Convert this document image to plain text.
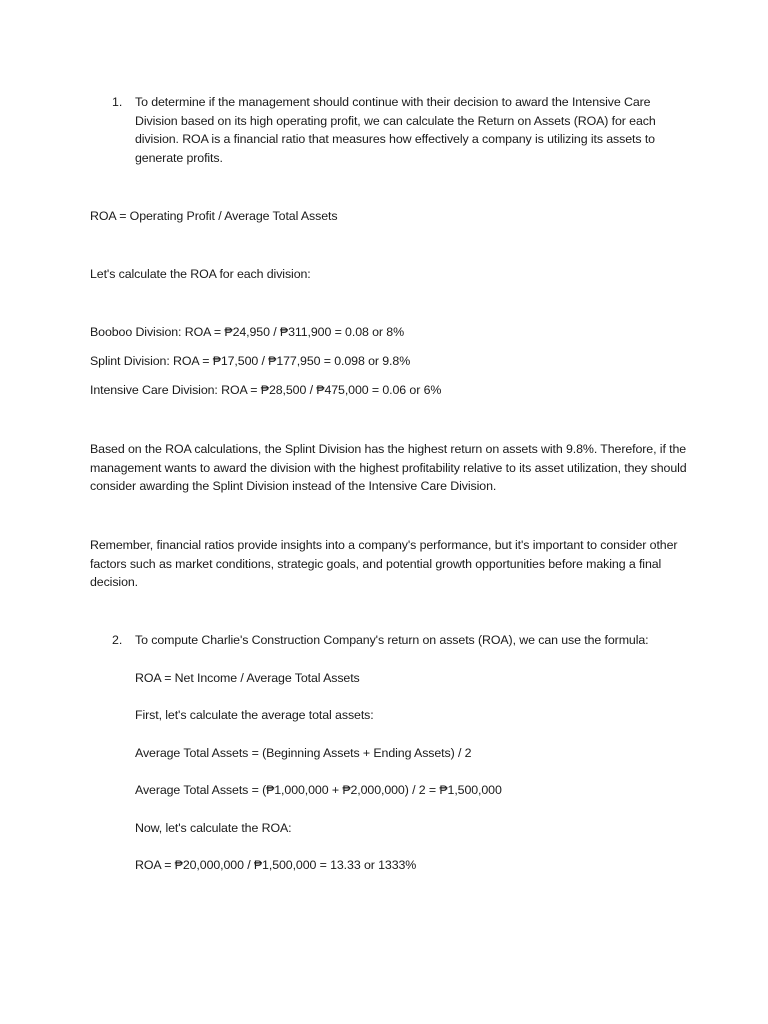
1. To determine if the management should continue with their decision to award the Intensive Care Division based on its high operating profit, we can calculate the Return on Assets (ROA) for each division. ROA is a financial ratio that measures how effectively a company is utilizing its assets to generate profits.

ROA = Operating Profit / Average Total Assets

Let's calculate the ROA for each division:

Booboo Division: ROA = ₱24,950 / ₱311,900 = 0.08 or 8%

Splint Division: ROA = ₱17,500 / ₱177,950 = 0.098 or 9.8%

Intensive Care Division: ROA = ₱28,500 / ₱475,000 = 0.06 or 6%

Based on the ROA calculations, the Splint Division has the highest return on assets with 9.8%. Therefore, if the management wants to award the division with the highest profitability relative to its asset utilization, they should consider awarding the Splint Division instead of the Intensive Care Division.

Remember, financial ratios provide insights into a company's performance, but it's important to consider other factors such as market conditions, strategic goals, and potential growth opportunities before making a final decision.

2. To compute Charlie's Construction Company's return on assets (ROA), we can use the formula:

ROA = Net Income / Average Total Assets

First, let's calculate the average total assets:

Average Total Assets = (Beginning Assets + Ending Assets) / 2

Average Total Assets = (₱1,000,000 + ₱2,000,000) / 2 = ₱1,500,000

Now, let's calculate the ROA:

ROA = ₱20,000,000 / ₱1,500,000 = 13.33 or 1333%
